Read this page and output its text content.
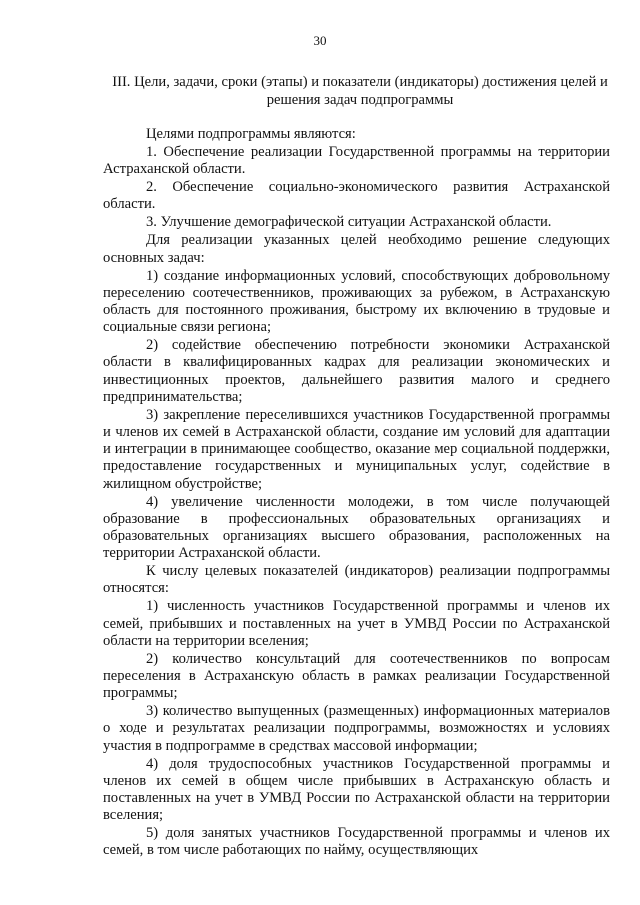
30
III. Цели, задачи, сроки (этапы) и показатели (индикаторы) достижения целей и решения задач подпрограммы

Целями подпрограммы являются:

1. Обеспечение реализации Государственной программы на территории Астраханской области.

2. Обеспечение социально-экономического развития Астраханской области.

3. Улучшение демографической ситуации Астраханской области.

Для реализации указанных целей необходимо решение следующих основных задач:

1) создание информационных условий, способствующих добровольному переселению соотечественников, проживающих за рубежом, в Астраханскую область для постоянного проживания, быстрому их включению в трудовые и социальные связи региона;

2) содействие обеспечению потребности экономики Астраханской области в квалифицированных кадрах для реализации экономических и инвестиционных проектов, дальнейшего развития малого и среднего предпринимательства;

3) закрепление переселившихся участников Государственной программы и членов их семей в Астраханской области, создание им условий для адаптации и интеграции в принимающее сообщество, оказание мер социальной поддержки, предоставление государственных и муниципальных услуг, содействие в жилищном обустройстве;

4) увеличение численности молодежи, в том числе получающей образование в профессиональных образовательных организациях и образовательных организациях высшего образования, расположенных на территории Астраханской области.

К числу целевых показателей (индикаторов) реализации подпрограммы относятся:

1) численность участников Государственной программы и членов их семей, прибывших и поставленных на учет в УМВД России по Астраханской области на территории вселения;

2) количество консультаций для соотечественников по вопросам переселения в Астраханскую область в рамках реализации Государственной программы;

3) количество выпущенных (размещенных) информационных материалов о ходе и результатах реализации подпрограммы, возможностях и условиях участия в подпрограмме в средствах массовой информации;

4) доля трудоспособных участников Государственной программы и членов их семей в общем числе прибывших в Астраханскую область и поставленных на учет в УМВД России по Астраханской области на территории вселения;

5) доля занятых участников Государственной программы и членов их семей, в том числе работающих по найму, осуществляющих
